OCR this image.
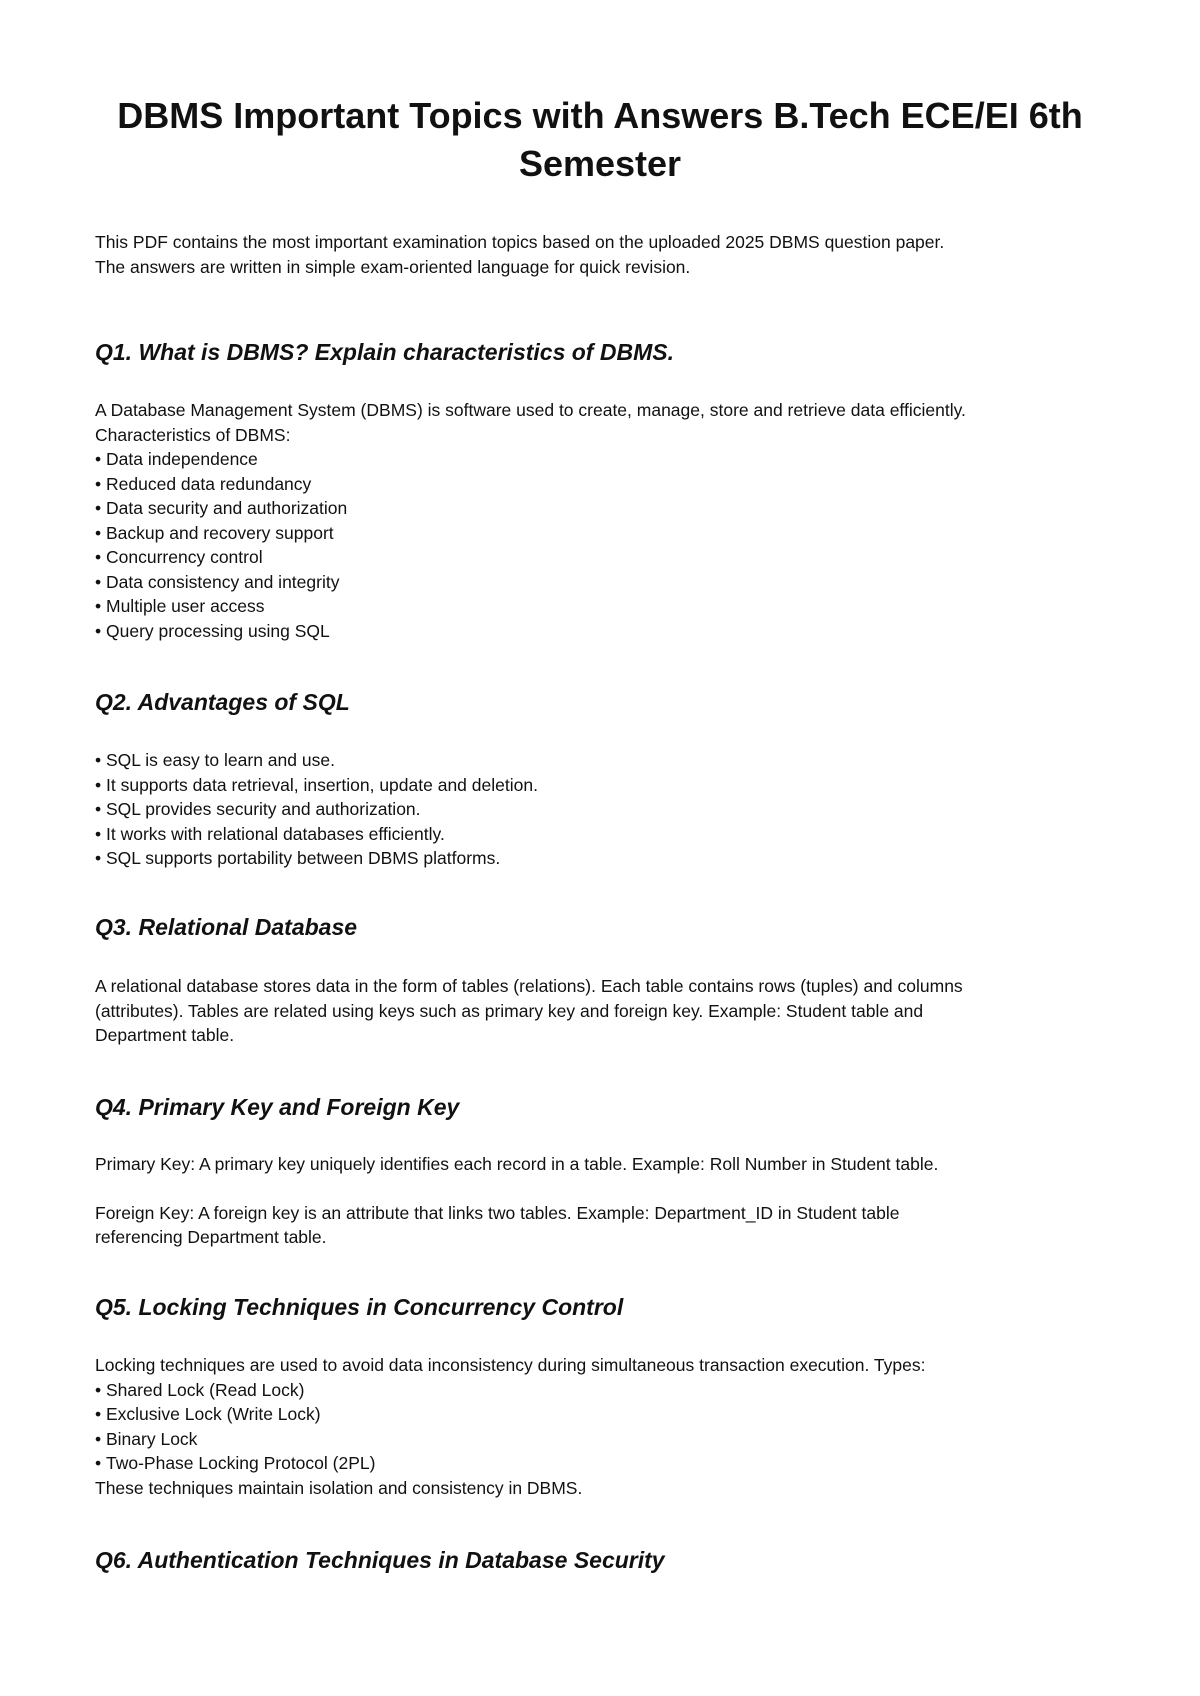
DBMS Important Topics with Answers B.Tech ECE/EI 6th
Semester

This PDF contains the most important examination topics based on the uploaded 2025 DBMS question paper.
The answers are written in simple exam-oriented language for quick revision.

Q1. What is DBMS? Explain characteristics of DBMS.
A Database Management System (DBMS) is software used to create, manage, store and retrieve data efficiently.
Characteristics of DBMS:
• Data independence
• Reduced data redundancy
• Data security and authorization
• Backup and recovery support
• Concurrency control
• Data consistency and integrity
• Multiple user access
• Query processing using SQL
Q2. Advantages of SQL
• SQL is easy to learn and use.
• It supports data retrieval, insertion, update and deletion.
• SQL provides security and authorization.
• It works with relational databases efficiently.
• SQL supports portability between DBMS platforms.
Q3. Relational Database
A relational database stores data in the form of tables (relations). Each table contains rows (tuples) and columns
(attributes). Tables are related using keys such as primary key and foreign key. Example: Student table and
Department table.
Q4. Primary Key and Foreign Key
Primary Key: A primary key uniquely identifies each record in a table. Example: Roll Number in Student table.
Foreign Key: A foreign key is an attribute that links two tables. Example: Department_ID in Student table
referencing Department table.
Q5. Locking Techniques in Concurrency Control
Locking techniques are used to avoid data inconsistency during simultaneous transaction execution. Types:
• Shared Lock (Read Lock)
• Exclusive Lock (Write Lock)
• Binary Lock
• Two-Phase Locking Protocol (2PL)
These techniques maintain isolation and consistency in DBMS.
Q6. Authentication Techniques in Database Security
